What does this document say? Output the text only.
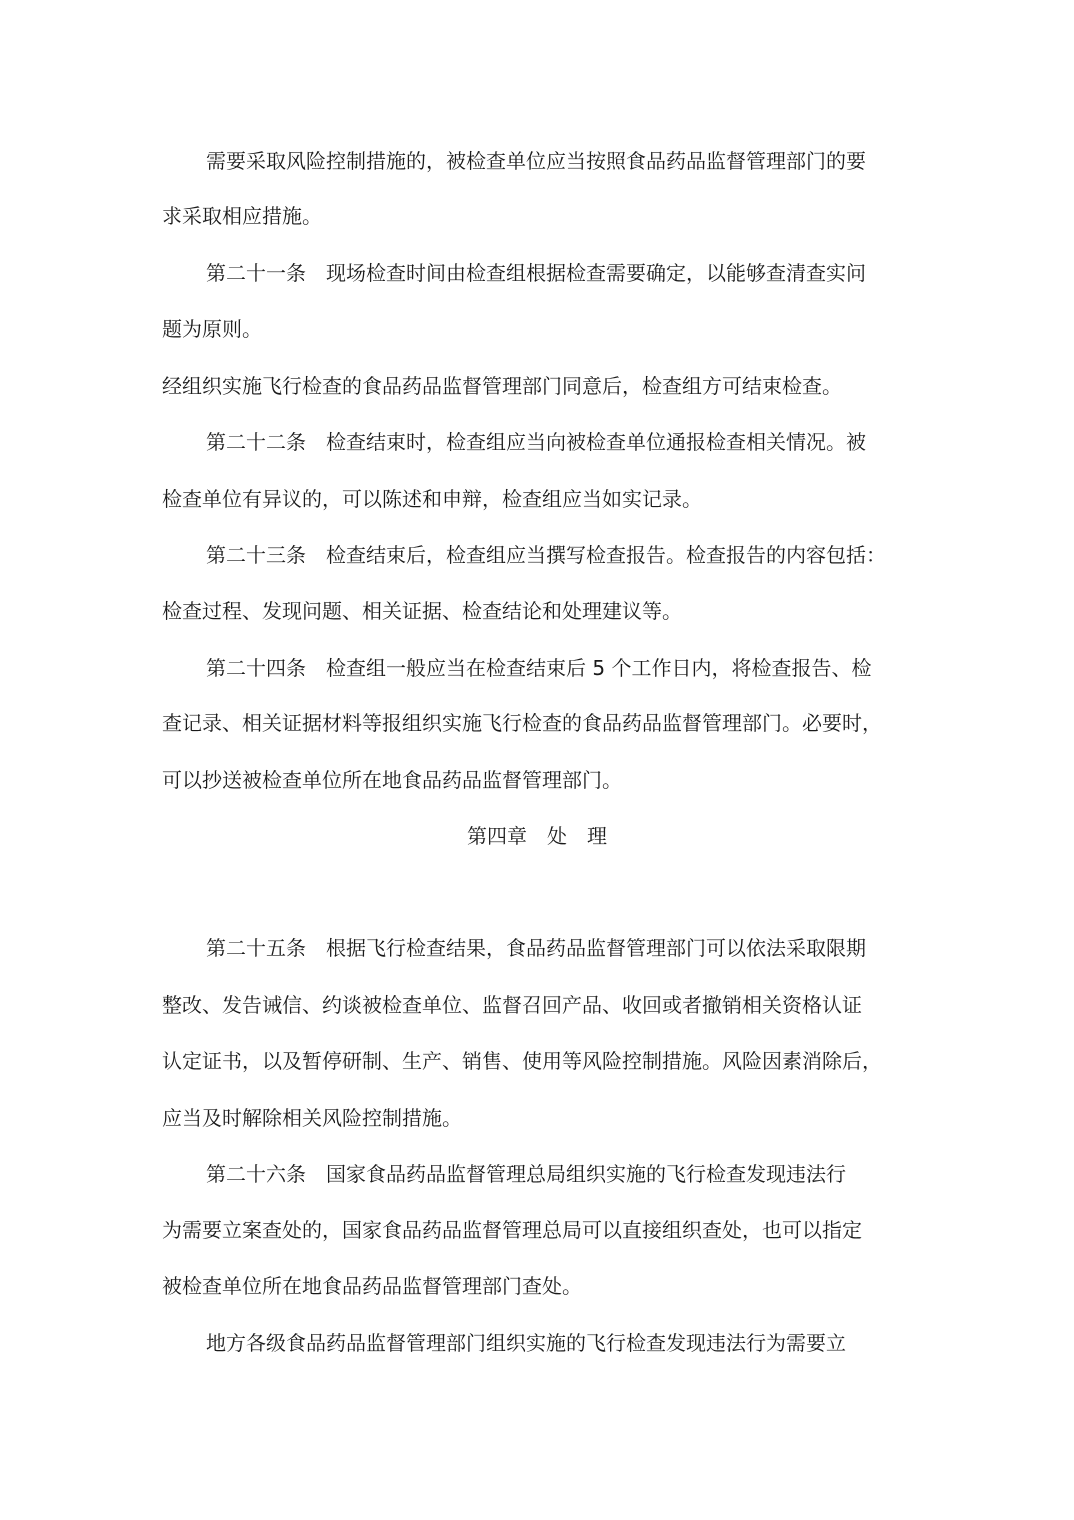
需要采取风险控制措施的，被检查单位应当按照食品药品监督管理部门的要
求采取相应措施。
第二十一条　现场检查时间由检查组根据检查需要确定，以能够查清查实问
题为原则。
经组织实施飞行检查的食品药品监督管理部门同意后，检查组方可结束检查。
第二十二条　检查结束时，检查组应当向被检查单位通报检查相关情况。被
检查单位有异议的，可以陈述和申辩，检查组应当如实记录。
第二十三条　检查结束后，检查组应当撰写检查报告。检查报告的内容包括：
检查过程、发现问题、相关证据、检查结论和处理建议等。
第二十四条　检查组一般应当在检查结束后 5 个工作日内，将检查报告、检
查记录、相关证据材料等报组织实施飞行检查的食品药品监督管理部门。必要时，
可以抄送被检查单位所在地食品药品监督管理部门。
第四章　处　理
第二十五条　根据飞行检查结果，食品药品监督管理部门可以依法采取限期
整改、发告诫信、约谈被检查单位、监督召回产品、收回或者撤销相关资格认证
认定证书，以及暂停研制、生产、销售、使用等风险控制措施。风险因素消除后，
应当及时解除相关风险控制措施。
第二十六条　国家食品药品监督管理总局组织实施的飞行检查发现违法行
为需要立案查处的，国家食品药品监督管理总局可以直接组织查处，也可以指定
被检查单位所在地食品药品监督管理部门查处。
地方各级食品药品监督管理部门组织实施的飞行检查发现违法行为需要立
